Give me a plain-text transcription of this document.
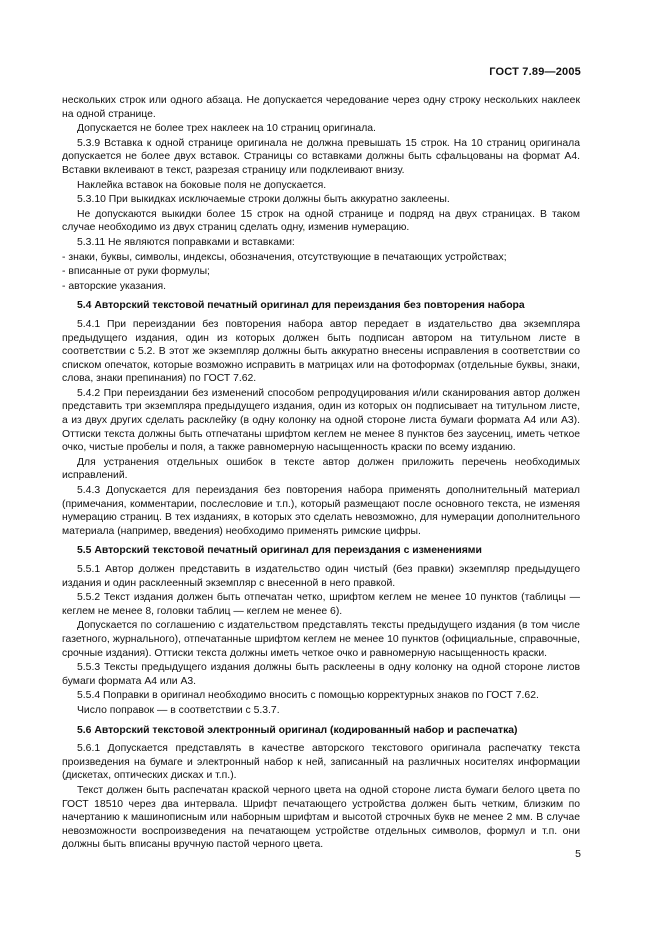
ГОСТ 7.89—2005

нескольких строк или одного абзаца. Не допускается чередование через одну строку нескольких наклеек на одной странице.

Допускается не более трех наклеек на 10 страниц оригинала.

5.3.9 Вставка к одной странице оригинала не должна превышать 15 строк. На 10 страниц оригинала допускается не более двух вставок. Страницы со вставками должны быть сфальцованы на формат А4. Вставки вклеивают в текст, разрезая страницу или подклеивают внизу.

Наклейка вставок на боковые поля не допускается.

5.3.10 При выкидках исключаемые строки должны быть аккуратно заклеены.

Не допускаются выкидки более 15 строк на одной странице и подряд на двух страницах. В таком случае необходимо из двух страниц сделать одну, изменив нумерацию.

5.3.11 Не являются поправками и вставками:

- знаки, буквы, символы, индексы, обозначения, отсутствующие в печатающих устройствах;

- вписанные от руки формулы;

- авторские указания.

5.4 Авторский текстовой печатный оригинал для переиздания без повторения набора

5.4.1 При переиздании без повторения набора автор передает в издательство два экземпляра предыдущего издания, один из которых должен быть подписан автором на титульном листе в соответствии с 5.2. В этот же экземпляр должны быть аккуратно внесены исправления в соответствии со списком опечаток, которые возможно исправить в матрицах или на фотоформах (отдельные буквы, знаки, слова, знаки препинания) по ГОСТ 7.62.

5.4.2 При переиздании без изменений способом репродуцирования и/или сканирования автор должен представить три экземпляра предыдущего издания, один из которых он подписывает на титульном листе, а из двух других сделать расклейку (в одну колонку на одной стороне листа бумаги формата А4 или А3). Оттиски текста должны быть отпечатаны шрифтом кеглем не менее 8 пунктов без заусениц, иметь четкое очко, чистые пробелы и поля, а также равномерную насыщенность краски по всему изданию.

Для устранения отдельных ошибок в тексте автор должен приложить перечень необходимых исправлений.

5.4.3 Допускается для переиздания без повторения набора применять дополнительный материал (примечания, комментарии, послесловие и т.п.), который размещают после основного текста, не изменяя нумерацию страниц. В тех изданиях, в которых это сделать невозможно, для нумерации дополнительного материала (например, введения) необходимо применять римские цифры.

5.5 Авторский текстовой печатный оригинал для переиздания с изменениями

5.5.1 Автор должен представить в издательство один чистый (без правки) экземпляр предыдущего издания и один расклеенный экземпляр с внесенной в него правкой.

5.5.2 Текст издания должен быть отпечатан четко, шрифтом кеглем не менее 10 пунктов (таблицы — кеглем не менее 8, головки таблиц — кеглем не менее 6).

Допускается по соглашению с издательством представлять тексты предыдущего издания (в том числе газетного, журнального), отпечатанные шрифтом кеглем не менее 10 пунктов (официальные, справочные, срочные издания). Оттиски текста должны иметь четкое очко и равномерную насыщенность краски.

5.5.3 Тексты предыдущего издания должны быть расклеены в одну колонку на одной стороне листов бумаги формата А4 или А3.

5.5.4 Поправки в оригинал необходимо вносить с помощью корректурных знаков по ГОСТ 7.62.

Число поправок — в соответствии с 5.3.7.

5.6 Авторский текстовой электронный оригинал (кодированный набор и распечатка)

5.6.1 Допускается представлять в качестве авторского текстового оригинала распечатку текста произведения на бумаге и электронный набор к ней, записанный на различных носителях информации (дискетах, оптических дисках и т.п.).

Текст должен быть распечатан краской черного цвета на одной стороне листа бумаги белого цвета по ГОСТ 18510 через два интервала. Шрифт печатающего устройства должен быть четким, близким по начертанию к машинописным или наборным шрифтам и высотой строчных букв не менее 2 мм. В случае невозможности воспроизведения на печатающем устройстве отдельных символов, формул и т.п. они должны быть вписаны вручную пастой черного цвета.

5
